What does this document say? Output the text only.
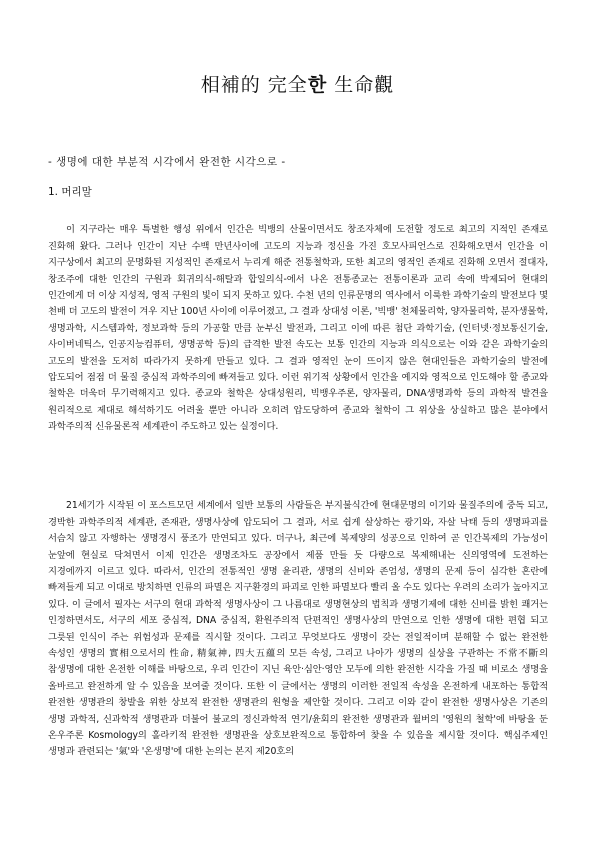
相補的 完全한 生命觀
- 생명에 대한 부분적 시각에서 완전한 시각으로 -
1. 머리말

이 지구라는 매우 특별한 행성 위에서 인간은 빅뱅의 산물이면서도 창조자체에 도전할 정도로 최고의 지적인 존재로 진화해 왔다. 그러나 인간이 지난 수백 만년사이에 고도의 지능과 정신을 가진 호모사피언스로 진화해오면서 인간을 이 지구상에서 최고의 문명화된 지성적인 존재로서 누리게 해준 전통철학과, 또한 최고의 영적인 존재로 진화해 오면서 절대자, 창조주에 대한 인간의 구원과 회귀의식-해탈과 합일의식-에서 나온 전통종교는 전통이론과 교리 속에 박제되어 현대의 인간에게 더 이상 지성적, 영적 구원의 빛이 되지 못하고 있다. 수천 년의 인류문명의 역사에서 이룩한 과학기술의 발전보다 몇 천배 더 고도의 발전이 겨우 지난 100년 사이에 이루어졌고, 그 결과 상대성 이론, '빅뱅' 천체물리학, 양자물리학, 분자생물학, 생명과학, 시스템과학, 정보과학 등의 가공할 만큼 눈부신 발전과, 그리고 이에 따른 첨단 과학기술, (인터넷·정보통신기술, 사이버네틱스, 인공지능컴퓨터, 생명공학 등)의 급격한 발전 속도는 보통 인간의 지능과 의식으로는 이와 같은 과학기술의 고도의 발전을 도저히 따라가지 못하게 만들고 있다. 그 결과 영적인 눈이 뜨이지 않은 현대인들은 과학기술의 발전에 압도되어 점점 더 물질 중심적 과학주의에 빠져들고 있다. 이런 위기적 상황에서 인간을 예지와 영적으로 인도해야 할 종교와 철학은 더욱더 무기력해지고 있다. 종교와 철학은 상대성원리, 빅뱅우주론, 양자물리, DNA생명과학 등의 과학적 발견을 원리적으로 제대로 해석하기도 어려울 뿐만 아니라 오히려 압도당하여 종교와 철학이 그 위상을 상실하고 많은 분야에서 과학주의적 신유물론적 세계관이 주도하고 있는 실정이다.

21세기가 시작된 이 포스트모던 세계에서 일반 보통의 사람들은 부지불식간에 현대문명의 이기와 물질주의에 중독 되고, 경박한 과학주의적 세계관, 존재관, 생명사상에 압도되어 그 결과, 서로 쉽게 살상하는 광기와, 자살 낙태 등의 생명파괴를 서슴치 않고 자행하는 생명경시 풍조가 만연되고 있다. 더구나, 최근에 복제양의 성공으로 인하여 곧 인간복제의 가능성이 눈앞에 현실로 닥쳐면서 이제 인간은 생명조차도 공장에서 제품 만들 듯 다량으로 복제해내는 신의영역에 도전하는 지경에까지 이르고 있다. 따라서, 인간의 전통적인 생명 윤리관, 생명의 신비와 존엄성, 생명의 문제 등이 심각한 혼란에 빠져들게 되고 이대로 방치하면 인류의 파멸은 지구환경의 파괴로 인한 파멸보다 빨리 올 수도 있다는 우려의 소리가 높아지고 있다. 이 글에서 필자는 서구의 현대 과학적 생명사상이 그 나름대로 생명현상의 법칙과 생명기제에 대한 신비를 밝힌 쾌거는 인정하면서도, 서구의 세포 중심적, DNA 중심적, 환원주의적 단편적인 생명사상의 만연으로 인한 생명에 대한 편협 되고 그릇된 인식이 주는 위험성과 문제를 직시할 것이다. 그리고 무엇보다도 생명이 갖는 전일적이며 분해할 수 없는 완전한 속성인 생명의 實相으로서의 性命, 精氣神, 四大五蘊의 모든 속성, 그리고 나아가 생명의 실상을 구관하는 不常不斷의 참생명에 대한 온전한 이해를 바탕으로, 우리 인간이 지닌 육안·심안·영안 모두에 의한 완전한 시각을 가질 때 비로소 생명을 올바르고 완전하게 알 수 있음을 보여줄 것이다. 또한 이 글에서는 생명의 이러한 전일적 속성을 온전하게 내포하는 통합적 완전한 생명관의 창발을 위한 상보적 완전한 생명관의 원형을 제안할 것이다. 그리고 이와 같이 완전한 생명사상은 기존의 생명 과학적, 신과학적 생명관과 더불어 불교의 정신과학적 연기/윤회의 완전한 생명관과 월버의 '영원의 철학'에 바탕을 둔 온우주론 Kosmology의 홀라키적 완전한 생명관을 상호보완적으로 통합하여 찾을 수 있음을 제시할 것이다. 핵심주제인 생명과 관련되는 '氣'와 '온생명'에 대한 논의는 본지 제20호의
